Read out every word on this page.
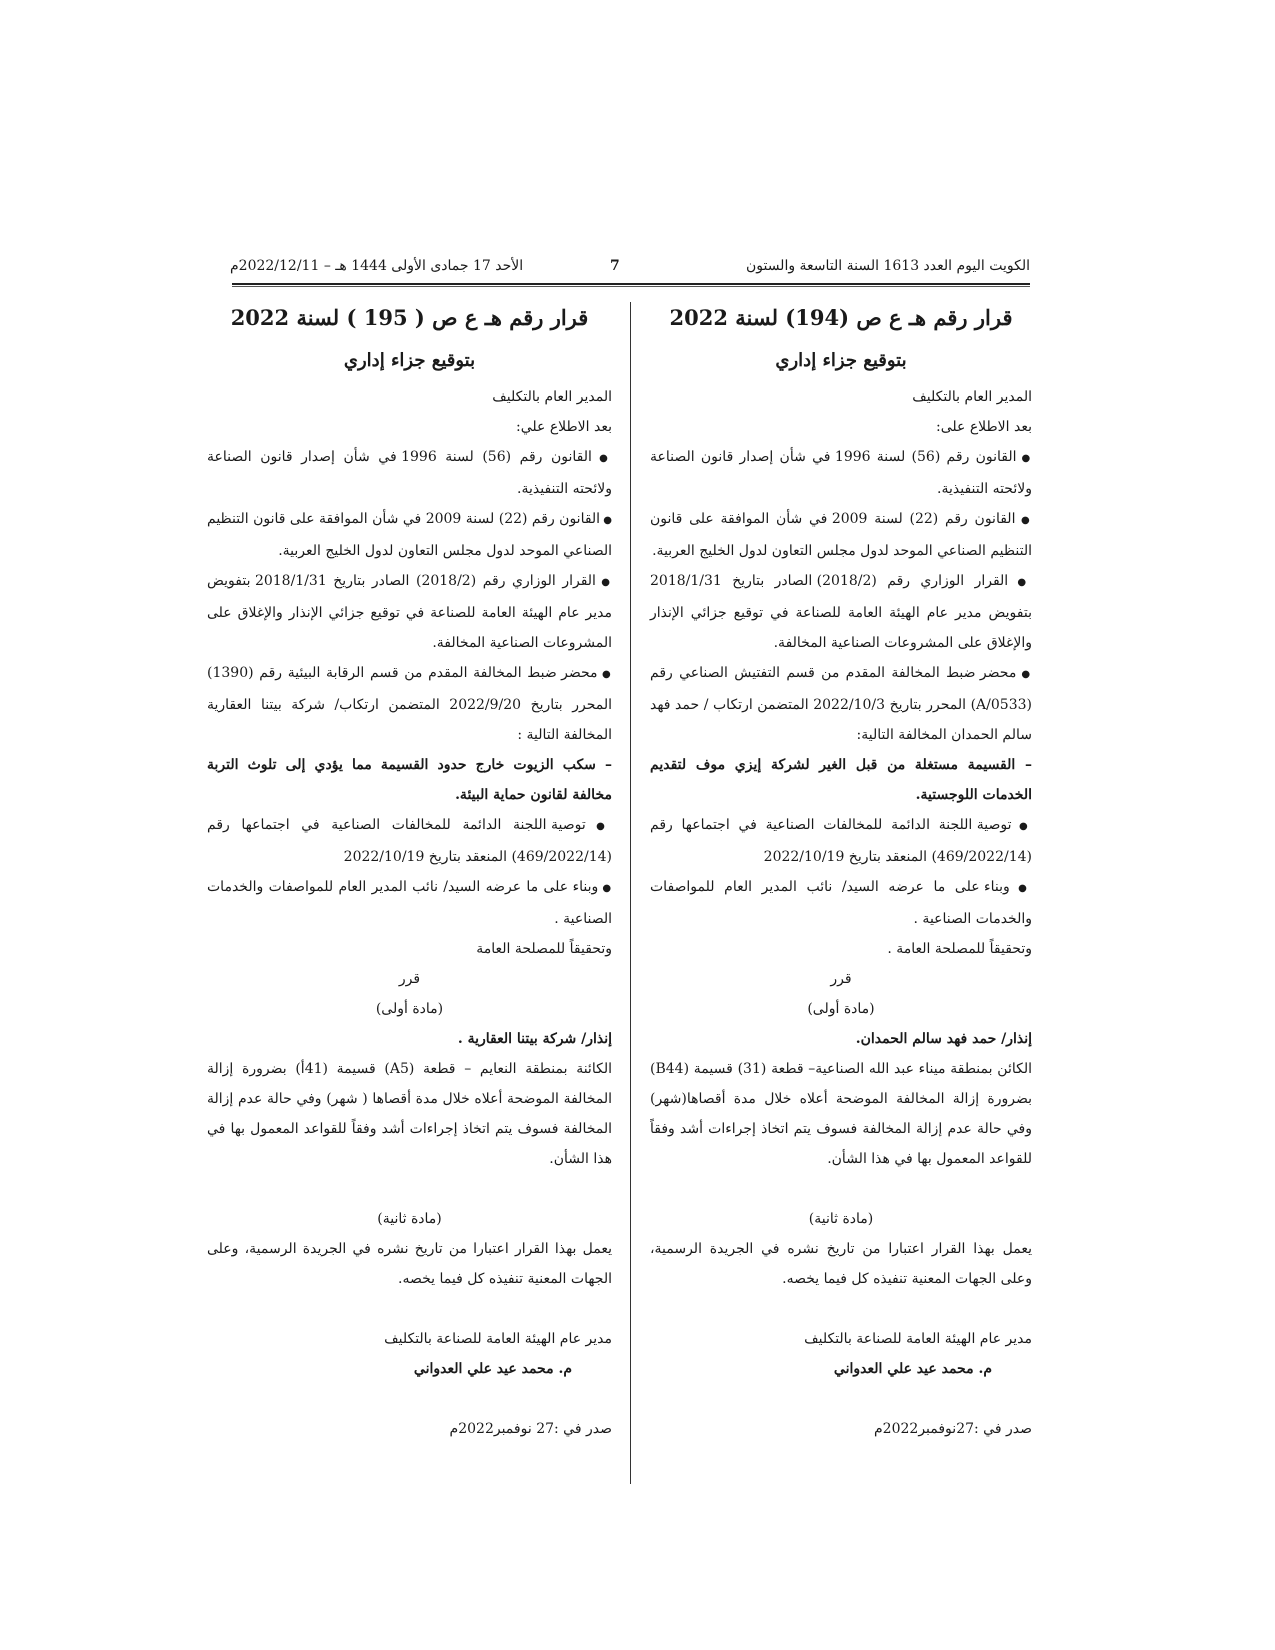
الكويت اليوم العدد 1613 السنة التاسعة والستون
7
الأحد 17 جمادى الأولى 1444 هـ – 2022/12/11م

قرار رقم هـ ع ص (194) لسنة 2022

بتوقيع جزاء إداري

المدير العام بالتكليف

بعد الاطلاع على:

● القانون رقم (56) لسنة 1996 في شأن إصدار قانون الصناعة ولائحته التنفيذية.

● القانون رقم (22) لسنة 2009 في شأن الموافقة على قانون التنظيم الصناعي الموحد لدول مجلس التعاون لدول الخليج العربية.

● القرار الوزاري رقم (2018/2) الصادر بتاريخ 2018/1/31 بتفويض مدير عام الهيئة العامة للصناعة في توقيع جزائي الإنذار والإغلاق على المشروعات الصناعية المخالفة.

● محضر ضبط المخالفة المقدم من قسم التفتيش الصناعي رقم (0533/A) المحرر بتاريخ 2022/10/3 المتضمن ارتكاب / حمد فهد سالم الحمدان المخالفة التالية:

– القسيمة مستغلة من قبل الغير لشركة إيزي موف لتقديم الخدمات اللوجستية.

● توصية اللجنة الدائمة للمخالفات الصناعية في اجتماعها رقم (469/2022/14) المنعقد بتاريخ 2022/10/19

● وبناء على ما عرضه السيد/ نائب المدير العام للمواصفات والخدمات الصناعية .

وتحقيقاً للمصلحة العامة .

قرر

(مادة أولى)

إنذار/ حمد فهد سالم الحمدان.

الكائن بمنطقة ميناء عبد الله الصناعية– قطعة (31) قسيمة (B44) بضرورة إزالة المخالفة الموضحة أعلاه خلال مدة أقصاها(شهر) وفي حالة عدم إزالة المخالفة فسوف يتم اتخاذ إجراءات أشد وفقاً للقواعد المعمول بها في هذا الشأن.

(مادة ثانية)

يعمل بهذا القرار اعتبارا من تاريخ نشره في الجريدة الرسمية، وعلى الجهات المعنية تنفيذه كل فيما يخصه.

مدير عام الهيئة العامة للصناعة بالتكليف

م. محمد عيد علي العدواني

صدر في :27نوفمبر2022م

قرار رقم هـ ع ص ( 195 ) لسنة 2022

بتوقيع جزاء إداري

المدير العام بالتكليف

بعد الاطلاع علي:

● القانون رقم (56) لسنة 1996 في شأن إصدار قانون الصناعة ولائحته التنفيذية.

● القانون رقم (22) لسنة 2009 في شأن الموافقة على قانون التنظيم الصناعي الموحد لدول مجلس التعاون لدول الخليج العربية.

● القرار الوزاري رقم (2018/2) الصادر بتاريخ 2018/1/31 بتفويض مدير عام الهيئة العامة للصناعة في توقيع جزائي الإنذار والإغلاق على المشروعات الصناعية المخالفة.

● محضر ضبط المخالفة المقدم من قسم الرقابة البيئية رقم (1390) المحرر بتاريخ 2022/9/20 المتضمن ارتكاب/ شركة بيتنا العقارية المخالفة التالية :

– سكب الزيوت خارج حدود القسيمة مما يؤدي إلى تلوث التربة مخالفة لقانون حماية البيئة.

● توصية اللجنة الدائمة للمخالفات الصناعية في اجتماعها رقم (469/2022/14) المنعقد بتاريخ 2022/10/19

● وبناء على ما عرضه السيد/ نائب المدير العام للمواصفات والخدمات الصناعية .

وتحقيقاً للمصلحة العامة

قرر

(مادة أولى)

إنذار/ شركة بيتنا العقارية .

الكائنة بمنطقة النعايم – قطعة (A5) قسيمة (41أ) بضرورة إزالة المخالفة الموضحة أعلاه خلال مدة أقصاها ( شهر) وفي حالة عدم إزالة المخالفة فسوف يتم اتخاذ إجراءات أشد وفقاً للقواعد المعمول بها في هذا الشأن.

(مادة ثانية)

يعمل بهذا القرار اعتبارا من تاريخ نشره في الجريدة الرسمية، وعلى الجهات المعنية تنفيذه كل فيما يخصه.

مدير عام الهيئة العامة للصناعة بالتكليف

م. محمد عيد علي العدواني

صدر في :27 نوفمبر2022م
